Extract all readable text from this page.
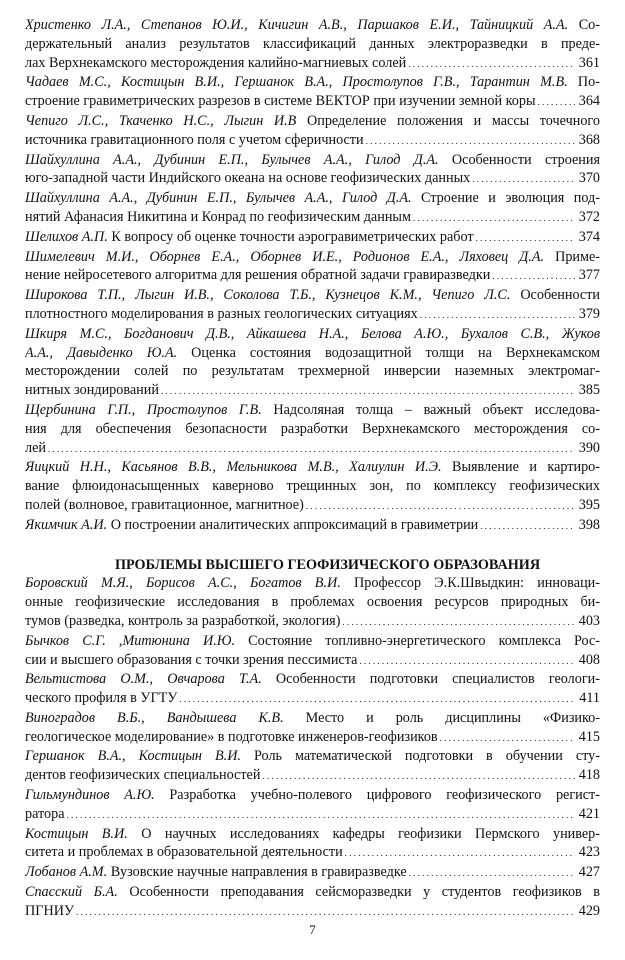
Христенко Л.А., Степанов Ю.И., Кичигин А.В., Паршаков Е.И., Тайницкий А.А. Со-
держательный анализ результатов классификаций данных электроразведки в преде-
лах Верхнекамского месторождения калийно-магниевых солей . . .	361
Чадаев М.С., Костицын В.И., Гершанок В.А., Простолупов Г.В., Тарантин М.В. По-
строение гравиметрических разрезов в системе ВЕКТОР при изучении земной коры . . .	364
Чепиго Л.С., Ткаченко Н.С., Лыгин И.В Определение положения и массы точечного
источника гравитационного поля с учетом сферичности . . .	368
Шайхуллина А.А., Дубинин Е.П., Булычев А.А., Гилод Д.А. Особенности строения
юго-западной части Индийского океана на основе геофизических данных . . .	370
Шайхуллина А.А., Дубинин Е.П., Булычев А.А., Гилод Д.А. Строение и эволюция под-
нятий Афанасия Никитина и Конрад по геофизическим данным . . .	372
Шелихов А.П. К вопросу об оценке точности аэрогравиметрических работ . . .	374
Шимелевич М.И., Оборнев Е.А., Оборнев И.Е., Родионов Е.А., Ляховец Д.А. Приме-
нение нейросетевого алгоритма для решения обратной задачи гравиразведки . . .	377
Широкова Т.П., Лыгин И.В., Соколова Т.Б., Кузнецов К.М., Чепиго Л.С. Особенности
плотностного моделирования в разных геологических ситуациях . . .	379
Шкиря М.С., Богданович Д.В., Айкашева Н.А., Белова А.Ю., Бухалов С.В., Жуков
А.А., Давыденко Ю.А. Оценка состояния водозащитной толщи на Верхнекамском
месторождении солей по результатам трехмерной инверсии наземных электромаг-
нитных зондирований . . .	385
Щербинина Г.П., Простолупов Г.В. Надсоляная толща – важный объект исследова-
ния для обеспечения безопасности разработки Верхнекамского месторождения со-
лей . . .	390
Яицкий Н.Н., Касьянов В.В., Мельникова М.В., Халиулин И.Э. Выявление и картиро-
вание флюидонасыщенных каверново трещинных зон, по комплексу геофизических
полей (волновое, гравитационное, магнитное) . . .	395
Якимчик А.И. О построении аналитических аппроксимаций в гравиметрии . . .	398
ПРОБЛЕМЫ ВЫСШЕГО ГЕОФИЗИЧЕСКОГО ОБРАЗОВАНИЯ
Боровский М.Я., Борисов А.С., Богатов В.И. Профессор Э.К.Швыдкин: инновaци-
онные геофизические исследования в проблемах освоения ресурсов природных би-
тумов (разведка, контроль за разработкой, экология) . . .	403
Бычков С.Г. ,Митюнина И.Ю. Состояние топливно-энергетического комплекса Рос-
сии и высшего образования с точки зрения пессимиста . . .	408
Вельтистова О.М., Овчарова Т.А. Особенности подготовки специалистов геологи-
ческого профиля в УГТУ . . .	411
Виноградов В.Б., Вандышева К.В. Место и роль дисциплины «Физико-
геологическое моделирование» в подготовке инженеров-геофизиков . . .	415
Гершанок В.А., Костицын В.И. Роль математической подготовки в обучении сту-
дентов геофизических специальностей . . .	418
Гильмундинов А.Ю. Разработка учебно-полевого цифрового геофизического регист-
ратора . . .	421
Костицын В.И. О научных исследованиях кафедры геофизики Пермского универ-
ситета и проблемах в образовательной деятельности . . .	423
Лобанов А.М. Вузовские научные направления в гравиразведке . . .	427
Спасский Б.А. Особенности преподавания сейсморазведки у студентов геофизиков в
ПГНИУ . . .	429
7
